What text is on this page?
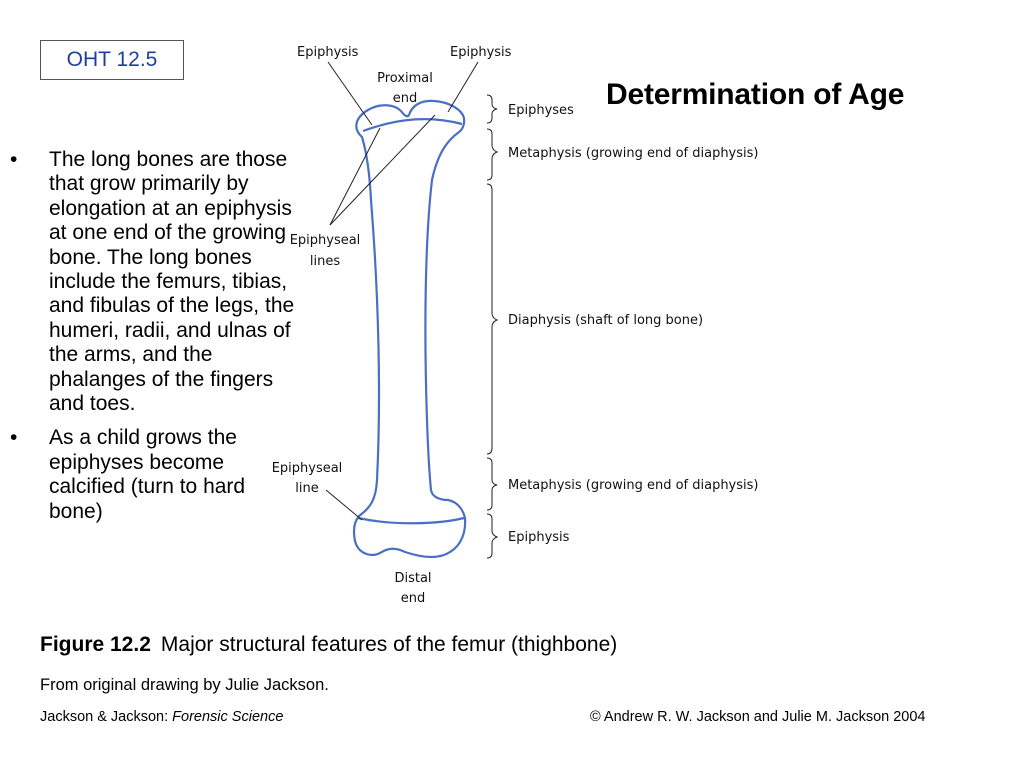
OHT 12.5
Determination of Age
•	The long bones are those that grow primarily by elongation at an epiphysis at one end of the growing bone. The long bones include the femurs, tibias, and fibulas of the legs, the humeri, radii, and ulnas of the arms, and the phalanges of the fingers and toes.
•	As a child grows the epiphyses become calcified (turn to hard bone)
Epiphysis	Epiphysis
Proximal
end
Epiphyseal
lines
Epiphyseal
line
Distal
end
Epiphyses
Metaphysis (growing end of diaphysis)
Diaphysis (shaft of long bone)
Metaphysis (growing end of diaphysis)
Epiphysis
Figure 12.2 Major structural features of the femur (thighbone)
From original drawing by Julie Jackson.
Jackson & Jackson: Forensic Science	© Andrew R. W. Jackson and Julie M. Jackson 2004
